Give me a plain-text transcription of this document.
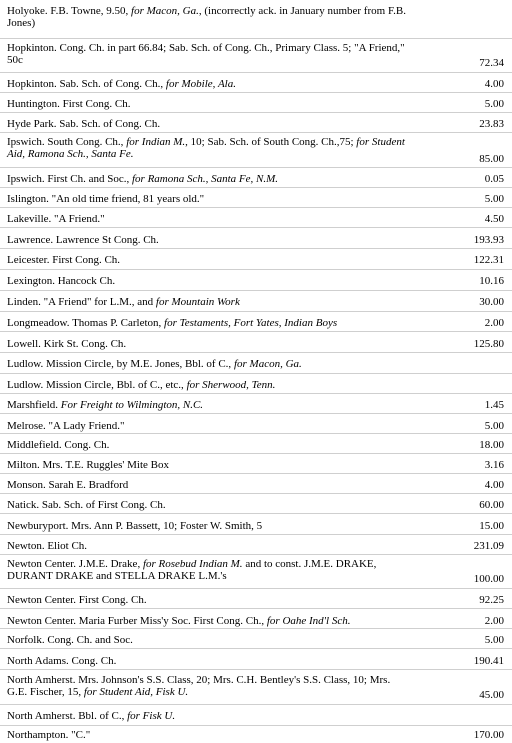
Holyoke. F.B. Towne, 9.50, for Macon, Ga., (incorrectly ack. in January number from F.B. Jones)
Hopkinton. Cong. Ch. in part 66.84; Sab. Sch. of Cong. Ch., Primary Class. 5; "A Friend," 50c	72.34
Hopkinton. Sab. Sch. of Cong. Ch., for Mobile, Ala.	4.00
Huntington. First Cong. Ch.	5.00
Hyde Park. Sab. Sch. of Cong. Ch.	23.83
Ipswich. South Cong. Ch., for Indian M., 10; Sab. Sch. of South Cong. Ch.,75; for Student Aid, Ramona Sch., Santa Fe.	85.00
Ipswich. First Ch. and Soc., for Ramona Sch., Santa Fe, N.M.	0.05
Islington. "An old time friend, 81 years old."	5.00
Lakeville. "A Friend."	4.50
Lawrence. Lawrence St Cong. Ch.	193.93
Leicester. First Cong. Ch.	122.31
Lexington. Hancock Ch.	10.16
Linden. "A Friend" for L.M., and for Mountain Work	30.00
Longmeadow. Thomas P. Carleton, for Testaments, Fort Yates, Indian Boys	2.00
Lowell. Kirk St. Cong. Ch.	125.80
Ludlow. Mission Circle, by M.E. Jones, Bbl. of C., for Macon, Ga.
Ludlow. Mission Circle, Bbl. of C., etc., for Sherwood, Tenn.
Marshfield. For Freight to Wilmington, N.C.	1.45
Melrose. "A Lady Friend."	5.00
Middlefield. Cong. Ch.	18.00
Milton. Mrs. T.E. Ruggles' Mite Box	3.16
Monson. Sarah E. Bradford	4.00
Natick. Sab. Sch. of First Cong. Ch.	60.00
Newburyport. Mrs. Ann P. Bassett, 10; Foster W. Smith, 5	15.00
Newton. Eliot Ch.	231.09
Newton Center. J.M.E. Drake, for Rosebud Indian M. and to const. J.M.E. DRAKE, DURANT DRAKE and STELLA DRAKE L.M.'s	100.00
Newton Center. First Cong. Ch.	92.25
Newton Center. Maria Furber Miss'y Soc. First Cong. Ch., for Oahe Ind'l Sch.	2.00
Norfolk. Cong. Ch. and Soc.	5.00
North Adams. Cong. Ch.	190.41
North Amherst. Mrs. Johnson's S.S. Class, 20; Mrs. C.H. Bentley's S.S. Class, 10; Mrs. G.E. Fischer, 15, for Student Aid, Fisk U.	45.00
North Amherst. Bbl. of C., for Fisk U.
Northampton. "C."	170.00
